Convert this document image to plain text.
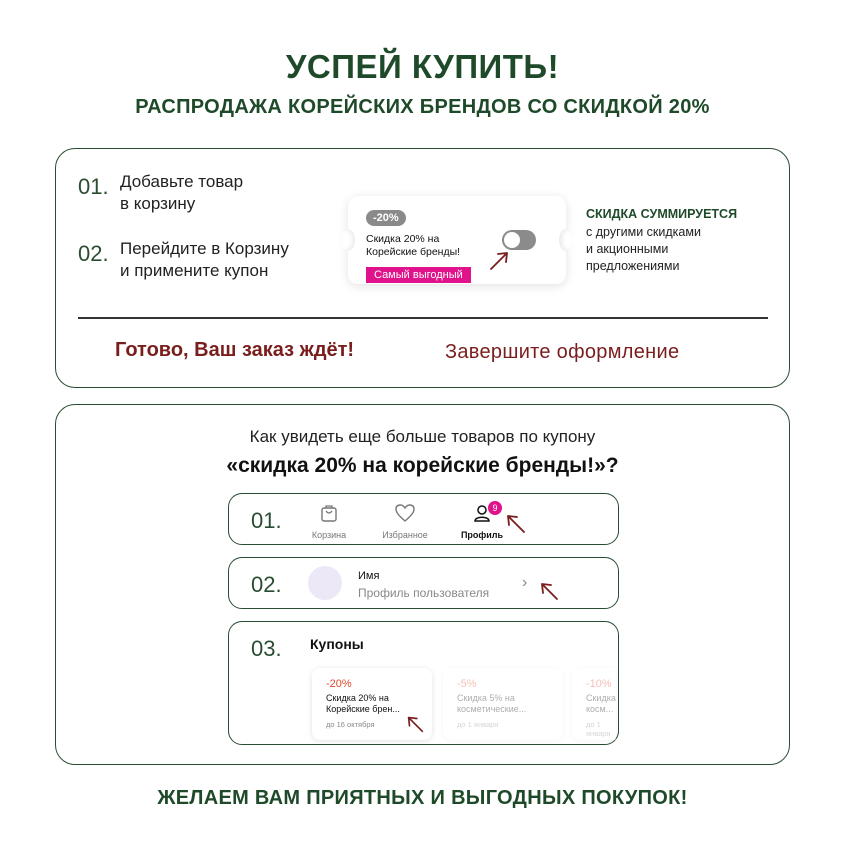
УСПЕЙ КУПИТЬ!
РАСПРОДАЖА КОРЕЙСКИХ БРЕНДОВ СО СКИДКОЙ 20%
01. Добавьте товар
в корзину
02. Перейдите в Корзину
и примените купон
-20%
Скидка 20% на
Корейские бренды!
Самый выгодный
СКИДКА СУММИРУЕТСЯ
с другими скидками
и акционными
предложениями
Готово, Ваш заказ ждёт!	Завершите оформление
Как увидеть еще больше товаров по купону
«скидка 20% на корейские бренды!»?
01.
Корзина	Избранное	Профиль
9
02.	Имя
Профиль пользователя
›
03. Купоны
-20%
Скидка 20% на
Корейские брен...
до 16 октября
-5%
Скидка 5% на
косметические...
до 1 января
-10%
Скидка
косм...
до 1 января
ЖЕЛАЕМ ВАМ ПРИЯТНЫХ И ВЫГОДНЫХ ПОКУПОК!
